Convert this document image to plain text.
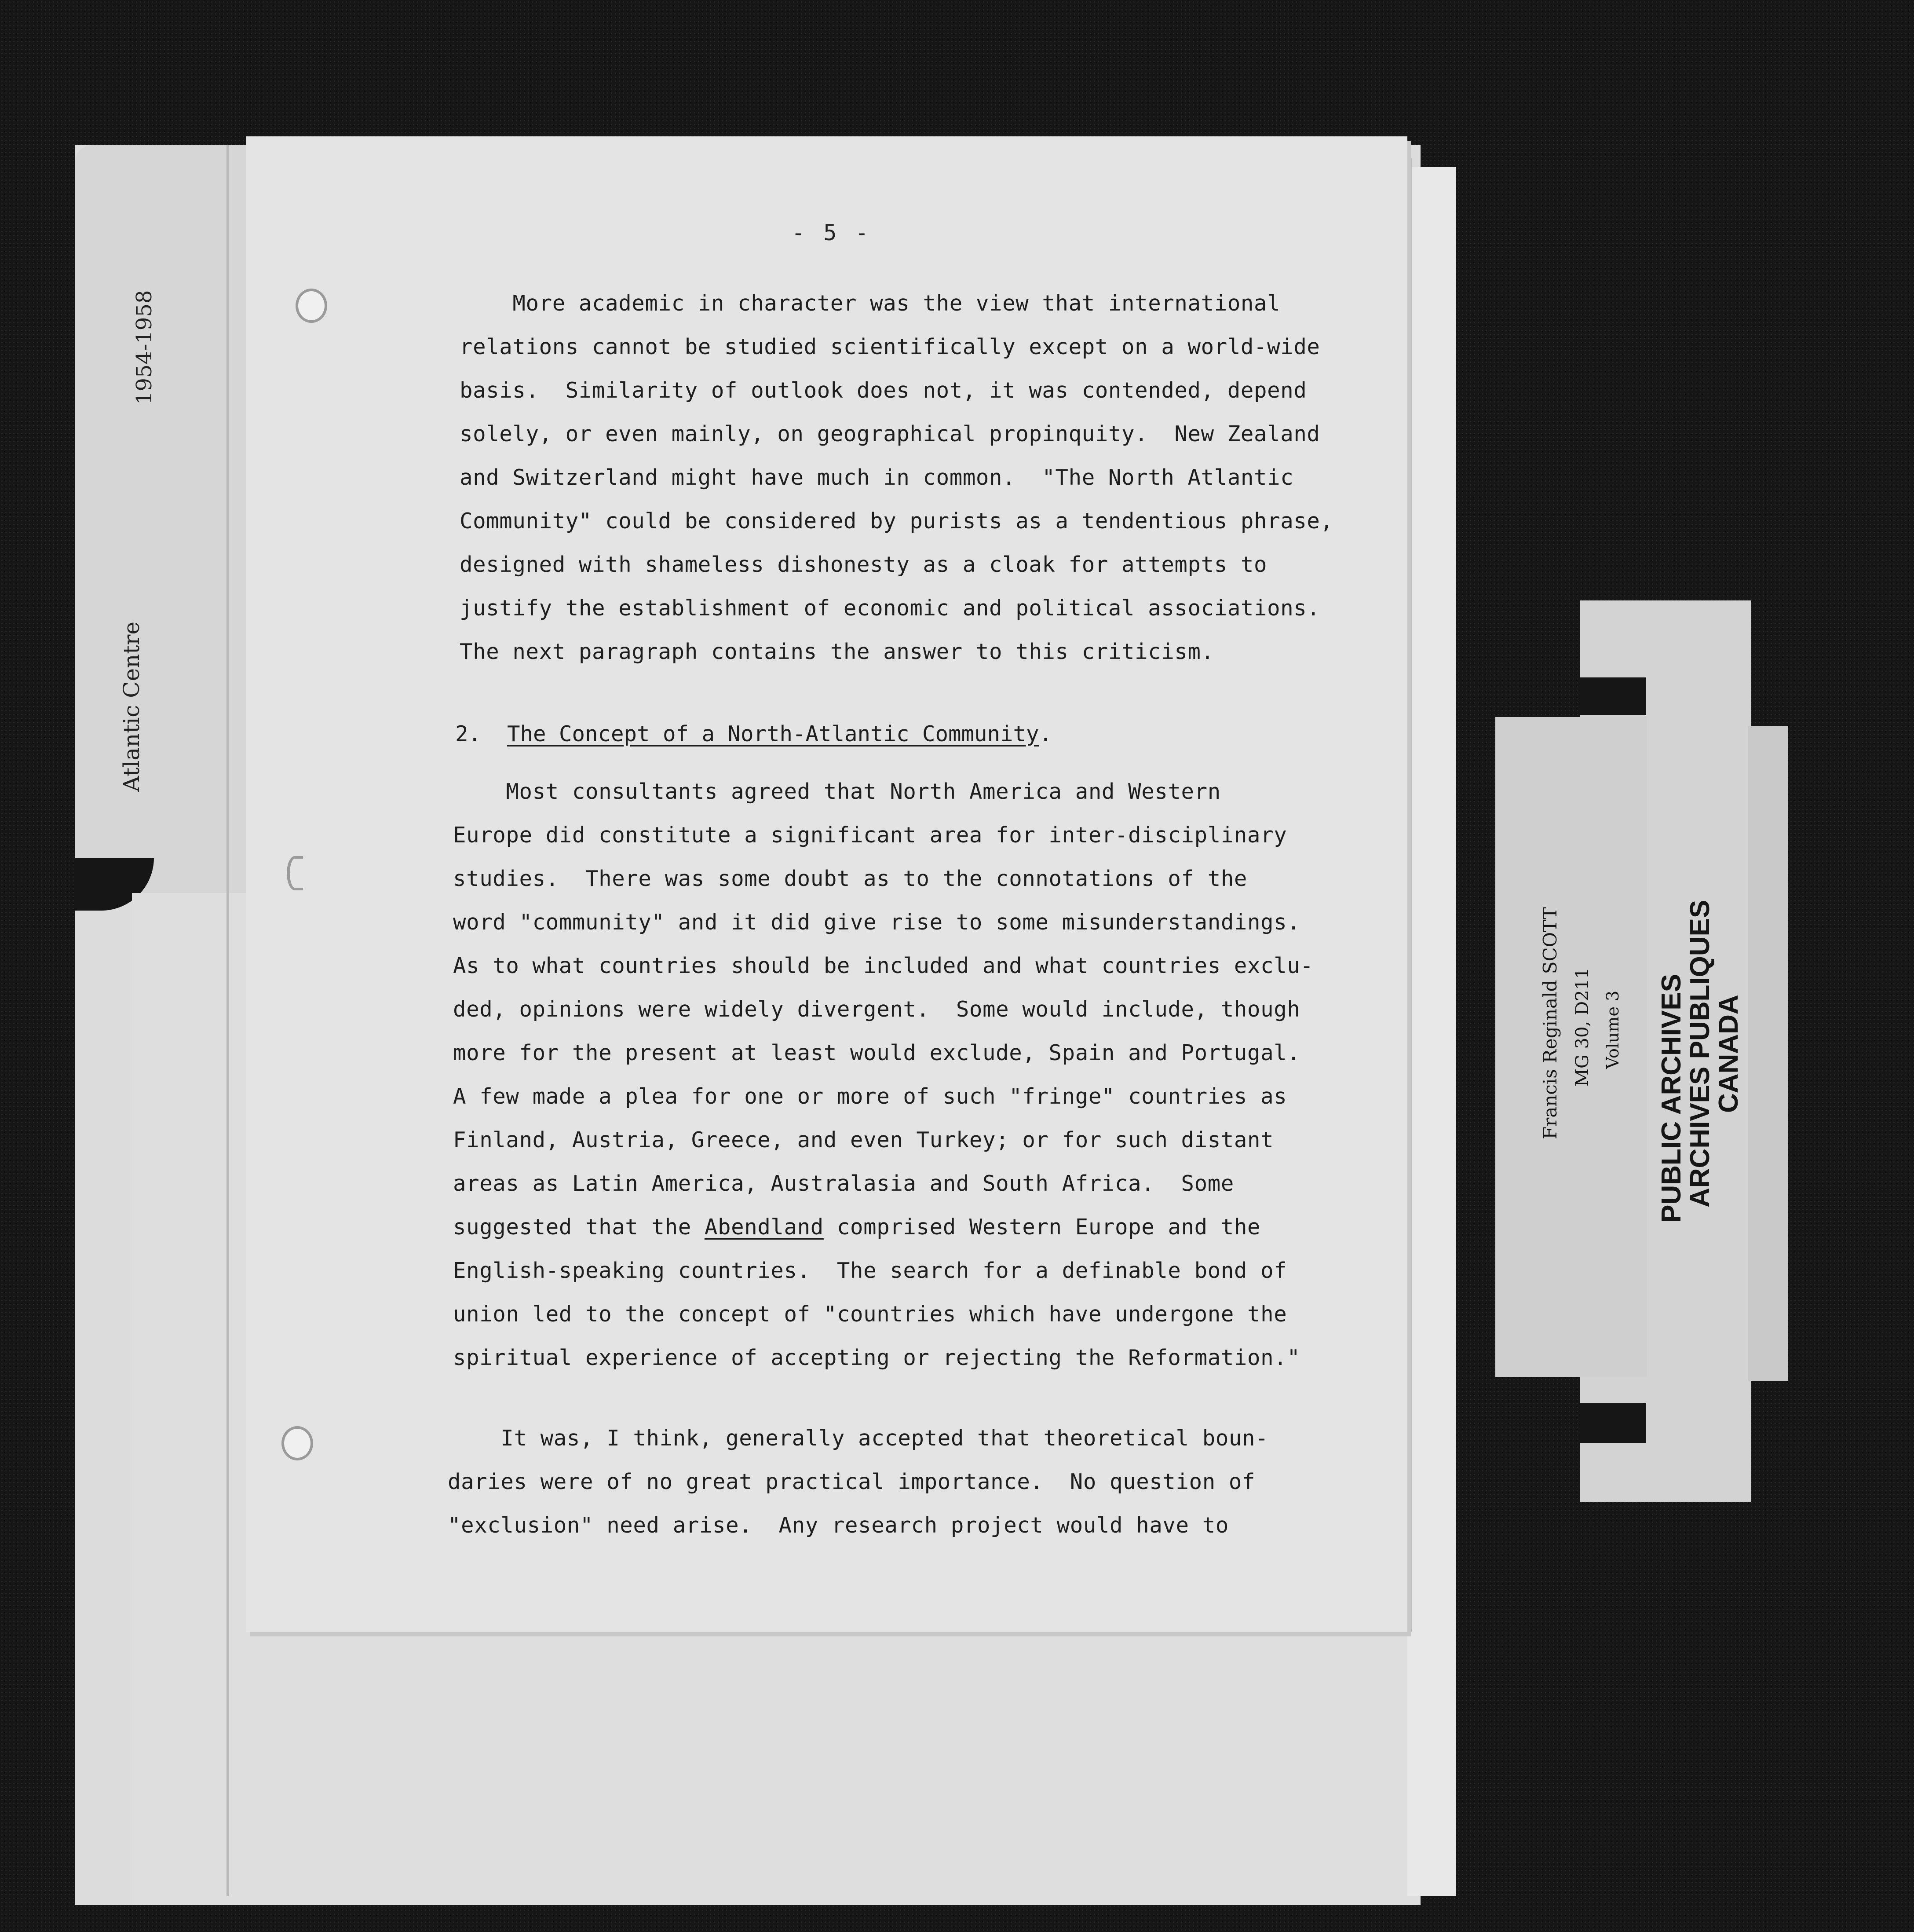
1954-1958
Atlantic Centre
- 5 -
More academic in character was the view that international
relations cannot be studied scientifically except on a world-wide
basis.  Similarity of outlook does not, it was contended, depend
solely, or even mainly, on geographical propinquity.  New Zealand
and Switzerland might have much in common.  "The North Atlantic
Community" could be considered by purists as a tendentious phrase,
designed with shameless dishonesty as a cloak for attempts to
justify the establishment of economic and political associations.
The next paragraph contains the answer to this criticism.
2. The Concept of a North-Atlantic Community.
Most consultants agreed that North America and Western
Europe did constitute a significant area for inter-disciplinary
studies.  There was some doubt as to the connotations of the
word "community" and it did give rise to some misunderstandings.
As to what countries should be included and what countries exclu-
ded, opinions were widely divergent.  Some would include, though
more for the present at least would exclude, Spain and Portugal.
A few made a plea for one or more of such "fringe" countries as
Finland, Austria, Greece, and even Turkey; or for such distant
areas as Latin America, Australasia and South Africa.  Some
suggested that the Abendland comprised Western Europe and the
English-speaking countries.  The search for a definable bond of
union led to the concept of "countries which have undergone the
spiritual experience of accepting or rejecting the Reformation."
It was, I think, generally accepted that theoretical boun-
daries were of no great practical importance.  No question of
"exclusion" need arise.  Any research project would have to
Francis Reginald SCOTT MG 30, D211 Volume 3 PUBLIC ARCHIVES
ARCHIVES PUBLIQUES
CANADA
